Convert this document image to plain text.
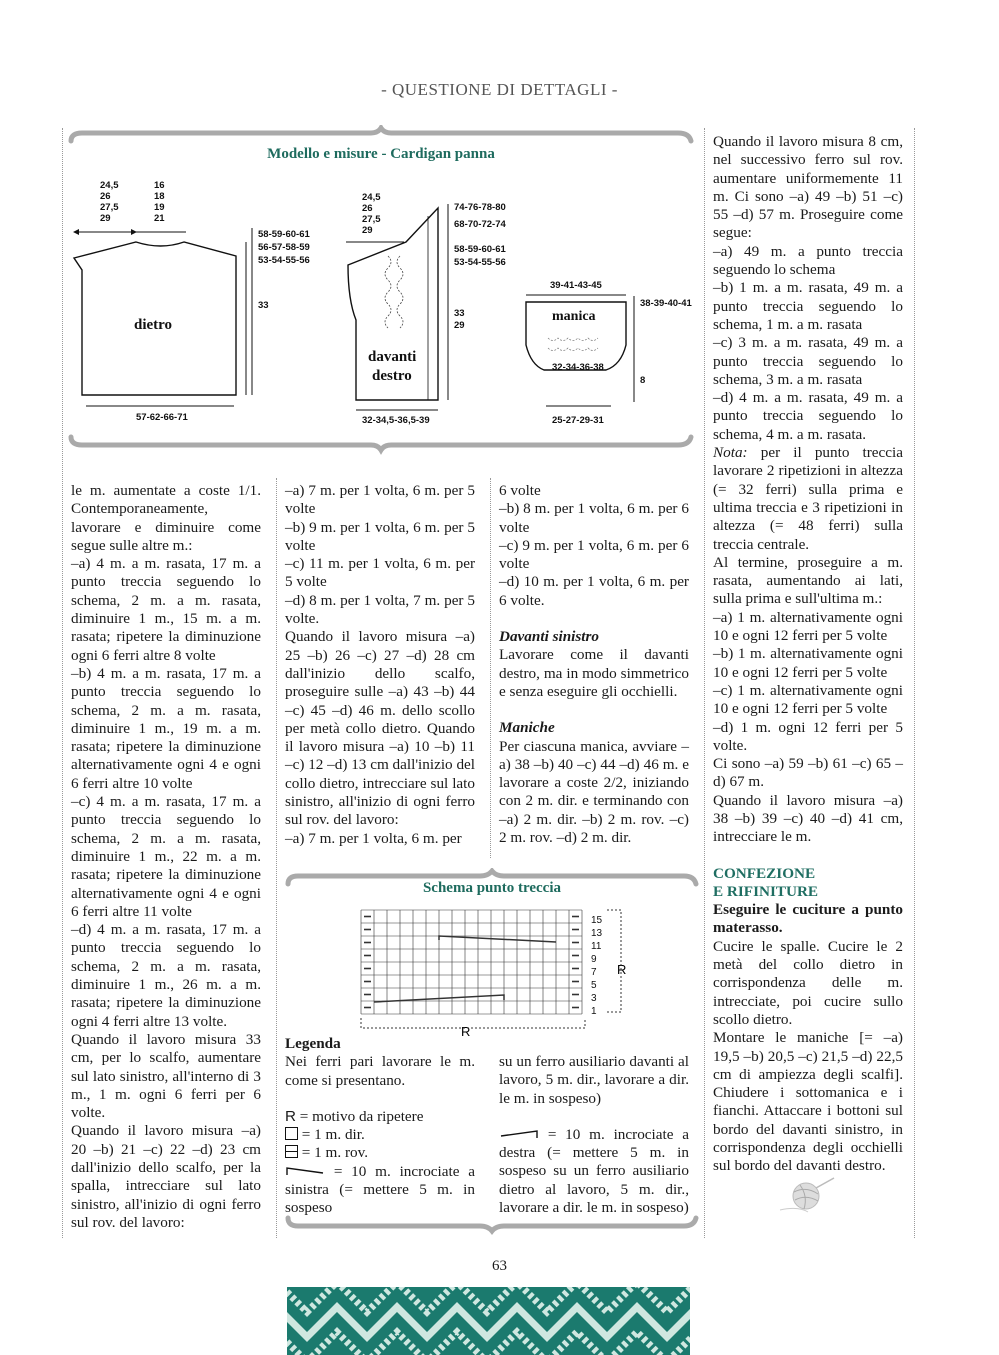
- QUESTIONE DI DETTAGLI -
Modello e misure - Cardigan panna
24,5
26
27,5
29
16
18
19
21
dietro
58-59-60-61
56-57-58-59
53-54-55-56
33
57-62-66-71
24,5
26
27,5
29
davanti
destro
74-76-78-80
68-70-72-74
58-59-60-61
53-54-55-56
33
29
32-34,5-36,5-39
39-41-43-45
manica
32-34-36-38
38-39-40-41
8
25-27-29-31

le m. aumentate a coste 1/1. Contemporaneamente, lavorare e diminuire come segue sulle altre m.:

–a) 4 m. a m. rasata, 17 m. a punto treccia seguendo lo schema, 2 m. a m. rasata, diminuire 1 m., 15 m. a m. rasata; ripetere la diminuzione ogni 6 ferri altre 8 volte

–b) 4 m. a m. rasata, 17 m. a punto treccia seguendo lo schema, 2 m. a m. rasata, diminuire 1 m., 19 m. a m. rasata; ripetere la diminuzione alternativamente ogni 4 e ogni 6 ferri altre 10 volte

–c) 4 m. a m. rasata, 17 m. a punto treccia seguendo lo schema, 2 m. a m. rasata, diminuire 1 m., 22 m. a m. rasata; ripetere la diminuzione alternativamente ogni 4 e ogni 6 ferri altre 11 volte

–d) 4 m. a m. rasata, 17 m. a punto treccia seguendo lo schema, 2 m. a m. rasata, diminuire 1 m., 26 m. a m. rasata; ripetere la diminuzione ogni 4 ferri altre 13 volte.

Quando il lavoro misura 33 cm, per lo scalfo, aumentare sul lato sinistro, all'interno di 3 m., 1 m. ogni 6 ferri per 6 volte.

Quando il lavoro misura –a) 20 –b) 21 –c) 22 –d) 23 cm dall'inizio dello scalfo, per la spalla, intrecciare sul lato sinistro, all'inizio di ogni ferro sul rov. del lavoro:

–a) 7 m. per 1 volta, 6 m. per 5 volte

–b) 9 m. per 1 volta, 6 m. per 5 volte

–c) 11 m. per 1 volta, 6 m. per 5 volte

–d) 8 m. per 1 volta, 7 m. per 5 volte.

Quando il lavoro misura –a) 25 –b) 26 –c) 27 –d) 28 cm dall'inizio dello scalfo, proseguire sulle –a) 43 –b) 44 –c) 45 –d) 46 m. dello scollo per metà collo dietro. Quando il lavoro misura –a) 10 –b) 11 –c) 12 –d) 13 cm dall'inizio del collo dietro, intrecciare sul lato sinistro, all'inizio di ogni ferro sul rov. del lavoro:

–a) 7 m. per 1 volta, 6 m. per

6 volte

–b) 8 m. per 1 volta, 6 m. per 6 volte

–c) 9 m. per 1 volta, 6 m. per 6 volte

–d) 10 m. per 1 volta, 6 m. per 6 volte.

Davanti sinistro

Lavorare come il davanti destro, ma in modo simmetrico e senza eseguire gli occhielli.

Maniche

Per ciascuna manica, avviare –a) 38 –b) 40 –c) 44 –d) 46 m. e lavorare a coste 2/2, iniziando con 2 m. dir. e terminando con –a) 2 m. dir. –b) 2 m. rov. –c) 2 m. rov. –d) 2 m. dir.

Quando il lavoro misura 8 cm, nel successivo ferro sul rov. aumentare uniformemente 11 m. Ci sono –a) 49 –b) 51 –c) 55 –d) 57 m. Proseguire come segue:

–a) 49 m. a punto treccia seguendo lo schema

–b) 1 m. a m. rasata, 49 m. a punto treccia seguendo lo schema, 1 m. a m. rasata

–c) 3 m. a m. rasata, 49 m. a punto treccia seguendo lo schema, 3 m. a m. rasata

–d) 4 m. a m. rasata, 49 m. a punto treccia seguendo lo schema, 4 m. a m. rasata.

Nota: per il punto treccia lavorare 2 ripetizioni in altezza (= 32 ferri) sulla prima e ultima treccia e 3 ripetizioni in altezza (= 48 ferri) sulla treccia centrale.

Al termine, proseguire a m. rasata, aumentando ai lati, sulla prima e sull'ultima m.:

–a) 1 m. alternativamente ogni 10 e ogni 12 ferri per 5 volte

–b) 1 m. alternativamente ogni 10 e ogni 12 ferri per 5 volte

–c) 1 m. alternativamente ogni 10 e ogni 12 ferri per 5 volte

–d) 1 m. ogni 12 ferri per 5 volte.

Ci sono –a) 59 –b) 61 –c) 65 –d) 67 m.

Quando il lavoro misura –a) 38 –b) 39 –c) 40 –d) 41 cm, intrecciare le m.

CONFEZIONE

E RIFINITURE

Eseguire le cuciture a punto materasso.

Cucire le spalle. Cucire le 2 metà del collo dietro in corrispondenza delle m. intrecciate, poi cucire sullo scollo dietro.

Montare le maniche [= –a) 19,5 –b) 20,5 –c) 21,5 –d) 22,5 cm di ampiezza degli scalfi]. Chiudere i sottomanica e i fianchi. Attaccare i bottoni sul bordo del davanti sinistro, in corrispondenza degli occhielli sul bordo del davanti destro.

Schema punto treccia
15
13
11
9
7
5
3
1
R
R

Legenda

Nei ferri pari lavorare le m. come si presentano.

R = motivo da ripetere

= 1 m. dir.

= 1 m. rov.

= 10 m. incrociate a sinistra (= mettere 5 m. in sospeso

su un ferro ausiliario davanti al lavoro, 5 m. dir., lavorare a dir. le m. in sospeso)

= 10 m. incrociate a destra (= mettere 5 m. in sospeso su un ferro ausiliario dietro al lavoro, 5 m. dir., lavorare a dir. le m. in sospeso)

63
